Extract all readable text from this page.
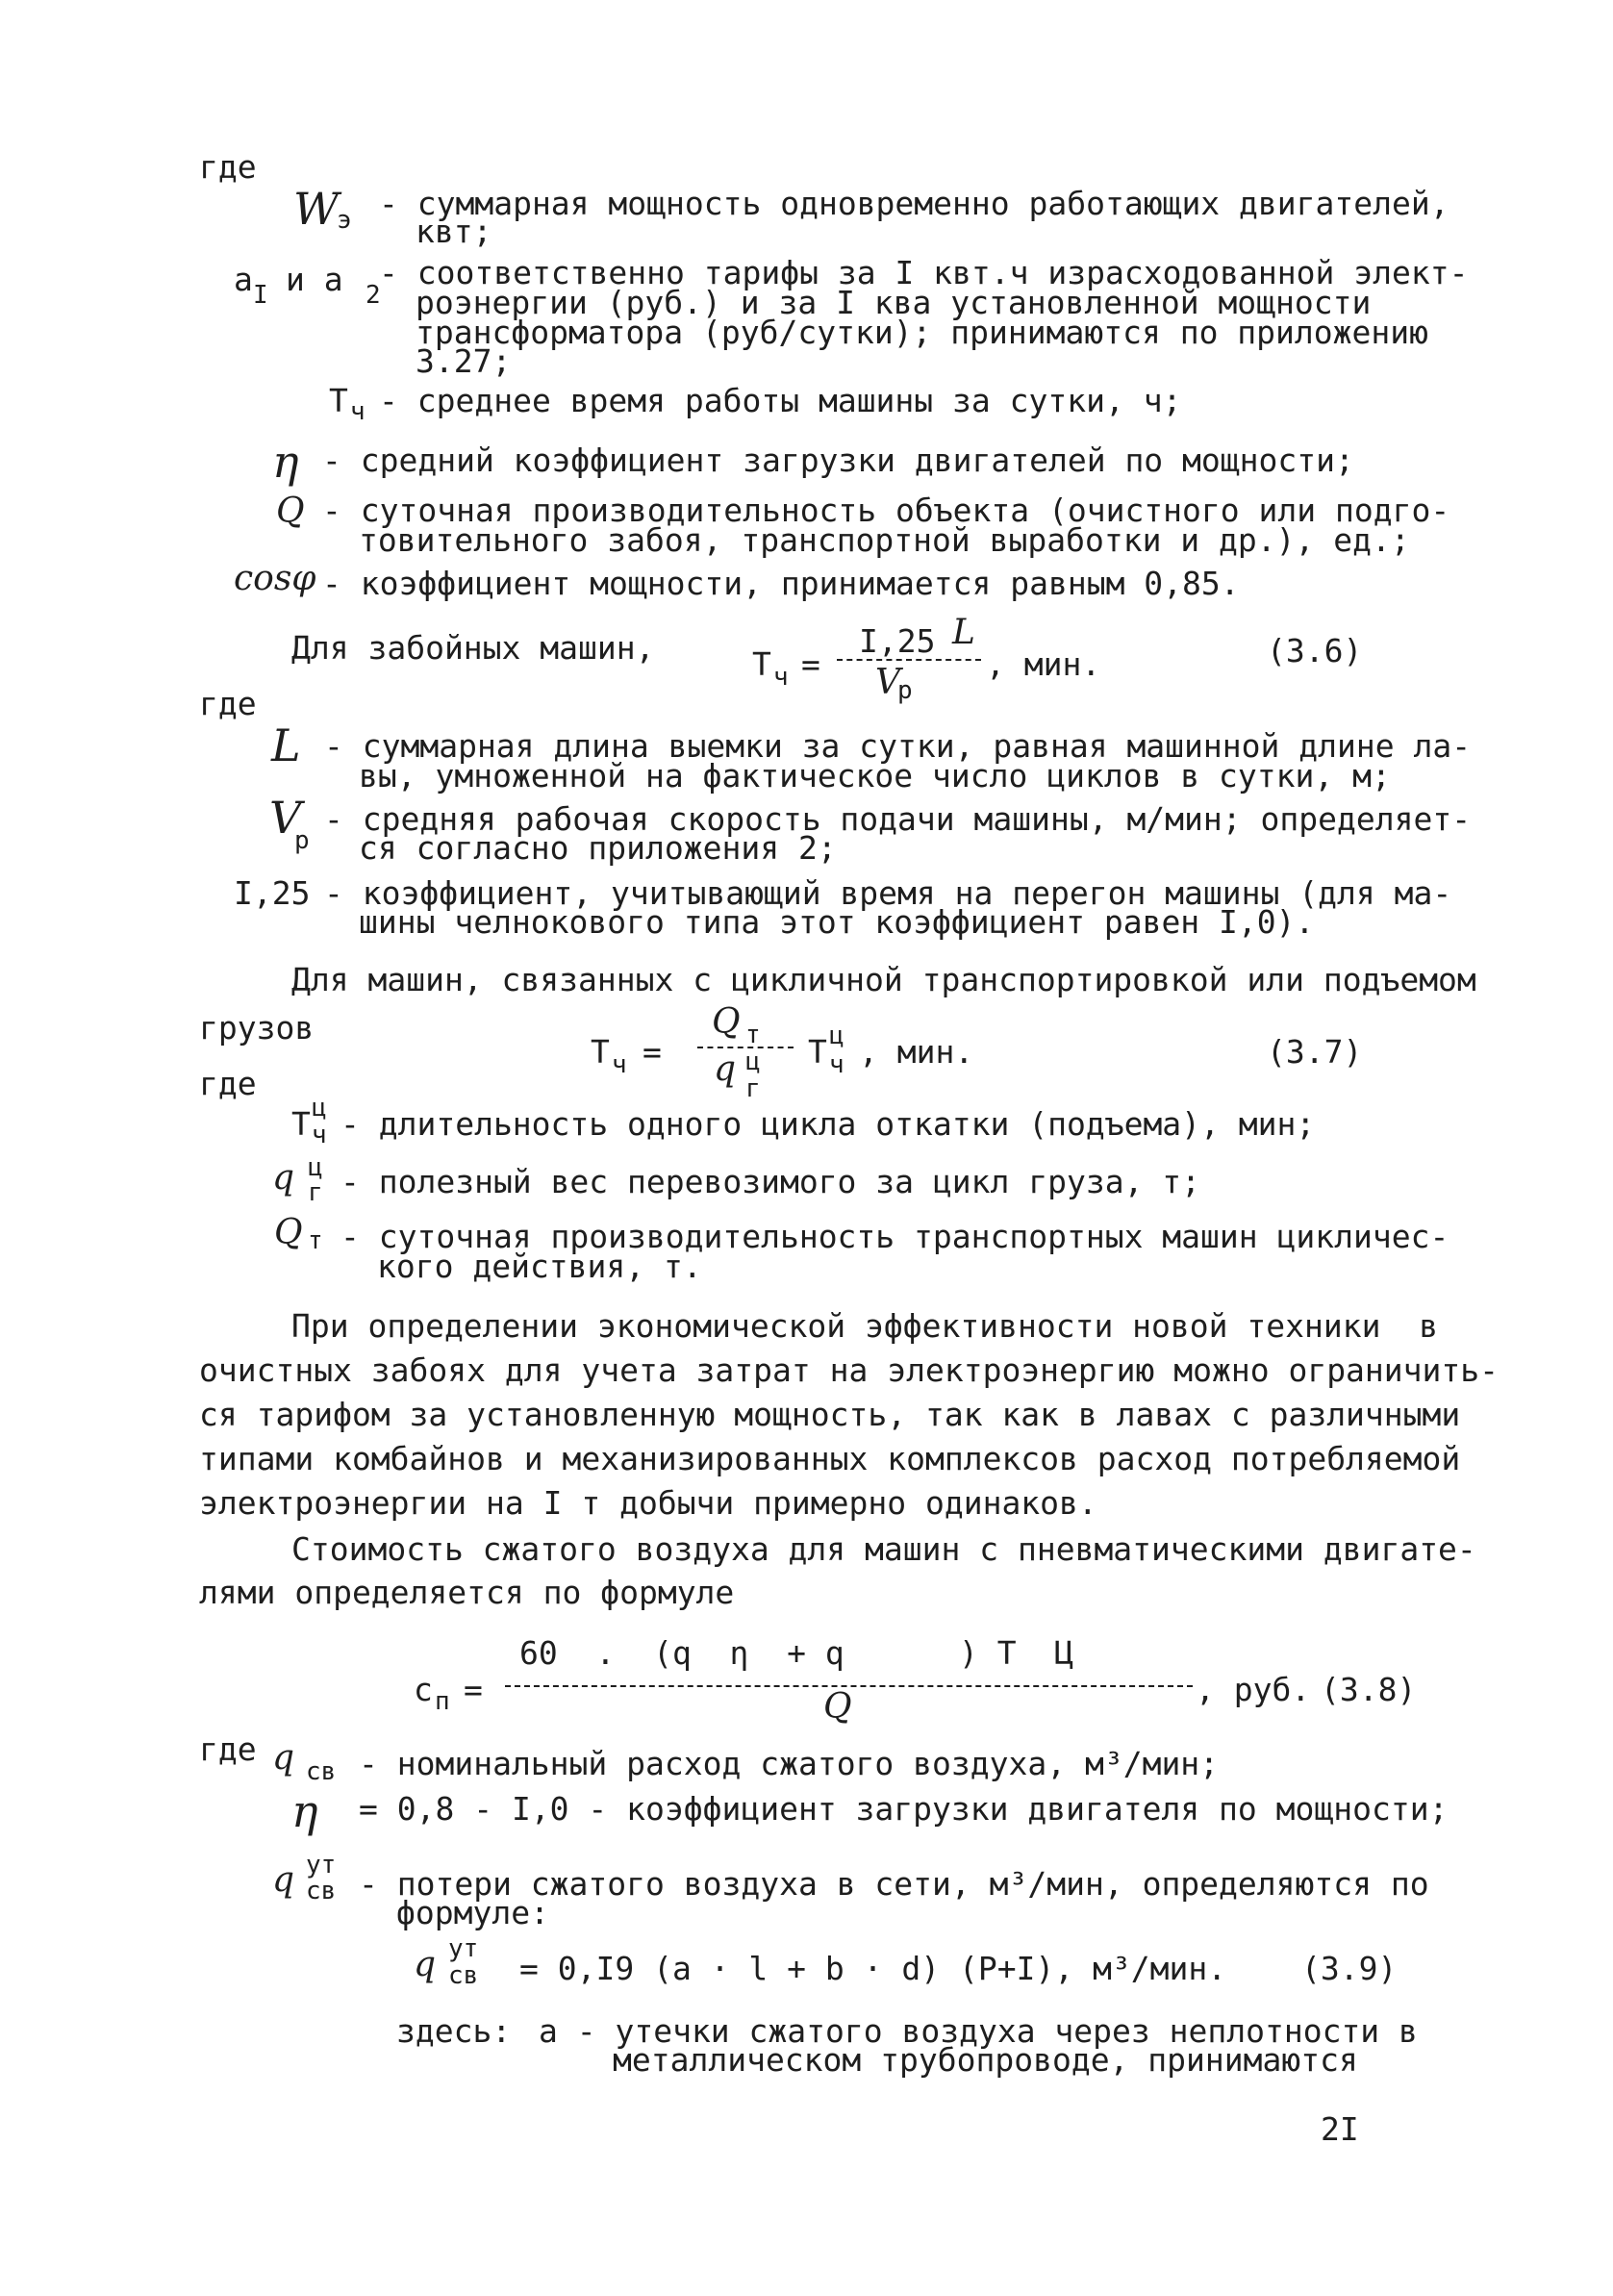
где
W
э - суммарная мощность одновременно работающих двигателей,
квт;
a I и a 2
- соответственно тарифы за I квт.ч израсходованной элект-
роэнергии (руб.) и за I ква установленной мощности
трансформатора (руб/сутки); принимаются по приложению
3.27;
T ч - среднее время работы машины за сутки, ч;
η - средний коэффициент загрузки двигателей по мощности;
Q - суточная производительность объекта (очистного или подго-
товительного забоя, транспортной выработки и др.), ед.;
cosφ - коэффициент мощности, принимается равным 0,85.
Для забойных машин,	T ч =
I,25 L
V
p
, мин.	(3.6)
где
L - суммарная длина выемки за сутки, равная машинной длине ла-
вы, умноженной на фактическое число циклов в сутки, м;
V
p
- средняя рабочая скорость подачи машины, м/мин; определяет-
ся согласно приложения 2;
I,25 - коэффициент, учитывающий время на перегон машины (для ма-
шины челнокового типа этот коэффициент равен I,0).
Для машин, связанных с цикличной транспортировкой или подъемом
грузов
T ч =
Q т
q ц
г
T ц
ч , мин.	(3.7)
где
T ц
ч - длительность одного цикла откатки (подъема), мин;
q ц
г - полезный вес перевозимого за цикл груза, т;
Q т - суточная производительность транспортных машин цикличес-
кого действия, т.
При определении экономической эффективности новой техники  в
очистных забоях для учета затрат на электроэнергию можно ограничить-
ся тарифом за установленную мощность, так как в лавах с различными
типами комбайнов и механизированных комплексов расход потребляемой
электроэнергии на I т добычи примерно одинаков.
Стоимость сжатого воздуха для машин с пневматическими двигате-
лями определяется по формуле
c п =
60  .  (q  η  + q      ) T  Ц
Q	, руб. (3.8)
где q св - номинальный расход сжатого воздуха, м³/мин;
η = 0,8 - I,0 - коэффициент загрузки двигателя по мощности;
q ут
св - потери сжатого воздуха в сети, м³/мин, определяются по
формуле:
q ут
св = 0,I9 (a · l + b · d) (P+I), м³/мин. (3.9)
здесь: a - утечки сжатого воздуха через неплотности в
металлическом трубопроводе, принимаются
2I
